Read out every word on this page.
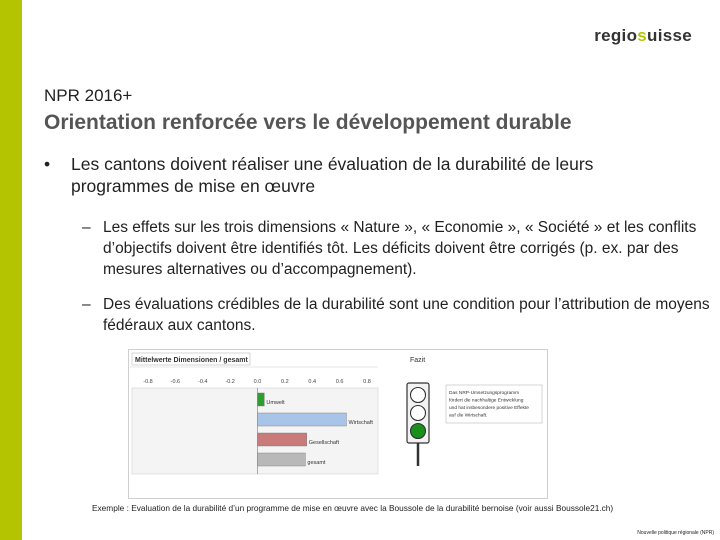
regiosuisse
NPR 2016+
Orientation renforcée vers le développement durable
• Les cantons doivent réaliser une évaluation de la durabilité de leurs programmes de mise en œuvre
– Les effets sur les trois dimensions « Nature », « Economie », « Société » et les conflits d’objectifs doivent être identifiés tôt. Les déficits doivent être corrigés (p. ex. par des mesures alternatives ou d’accompagnement).
– Des évaluations crédibles de la durabilité sont une condition pour l’attribution de moyens fédéraux aux cantons.
Mittelwerte Dimensionen / gesamt	Fazit
-0.8	-0.6	-0.4	-0.2	0.0	0.2	0.4	0.6	0.8
Umwelt
Wirtschaft
Gesellschaft
gesamt
Das NRP-Umsetzungsprogramm
fördert die nachhaltige Entwicklung
und hat insbesondere positive Effekte
auf die Wirtschaft.
Exemple : Evaluation de la durabilité d’un programme de mise en œuvre avec la Boussole de la durabilité bernoise (voir aussi Boussole21.ch)
Nouvelle politique régionale (NPR)
